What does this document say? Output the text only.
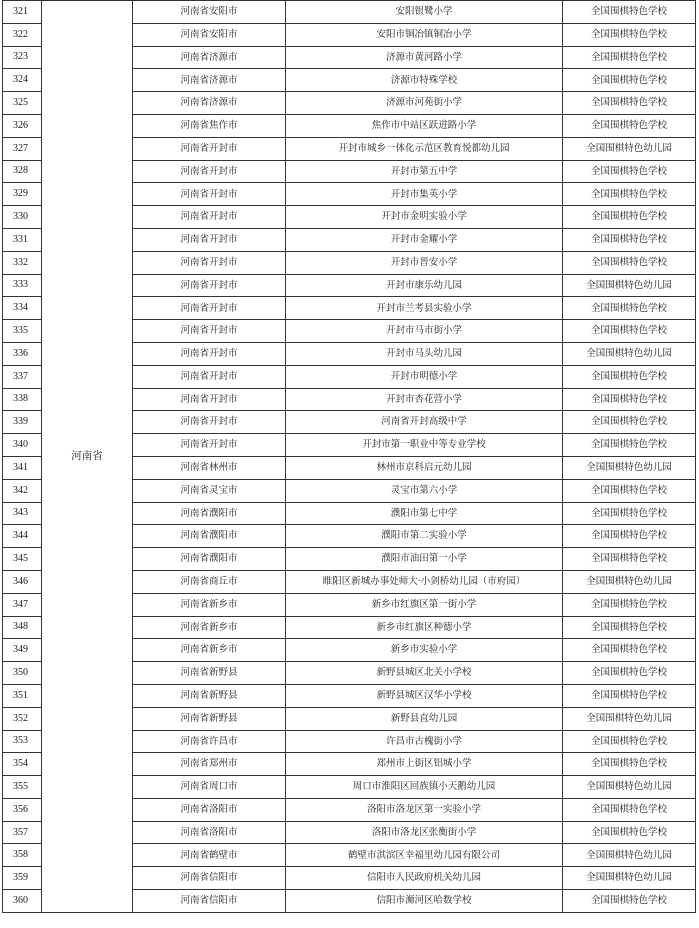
321	河南省	河南省安阳市	安阳银鹭小学	全国围棋特色学校
322		河南省安阳市	安阳市铜冶镇铜冶小学	全国围棋特色学校
323		河南省济源市	济源市黄河路小学	全国围棋特色学校
324		河南省济源市	济源市特殊学校	全国围棋特色学校
325		河南省济源市	济源市河苑街小学	全国围棋特色学校
326		河南省焦作市	焦作市中站区跃进路小学	全国围棋特色学校
327		河南省开封市	开封市城乡一体化示范区教育悦都幼儿园	全国围棋特色幼儿园
328		河南省开封市	开封市第五中学	全国围棋特色学校
329		河南省开封市	开封市集英小学	全国围棋特色学校
330		河南省开封市	开封市金明实验小学	全国围棋特色学校
331		河南省开封市	开封市金耀小学	全国围棋特色学校
332		河南省开封市	开封市晋安小学	全国围棋特色学校
333		河南省开封市	开封市康乐幼儿园	全国围棋特色幼儿园
334		河南省开封市	开封市兰考县实验小学	全国围棋特色学校
335		河南省开封市	开封市马市街小学	全国围棋特色学校
336		河南省开封市	开封市马头幼儿园	全国围棋特色幼儿园
337		河南省开封市	开封市明德小学	全国围棋特色学校
338		河南省开封市	开封市杏花营小学	全国围棋特色学校
339		河南省开封市	河南省开封高级中学	全国围棋特色学校
340		河南省开封市	开封市第一职业中等专业学校	全国围棋特色学校
341		河南省林州市	林州市京科启元幼儿园	全国围棋特色幼儿园
342		河南省灵宝市	灵宝市第六小学	全国围棋特色学校
343		河南省濮阳市	濮阳市第七中学	全国围棋特色学校
344		河南省濮阳市	濮阳市第二实验小学	全国围棋特色学校
345		河南省濮阳市	濮阳市油田第一小学	全国围棋特色学校
346		河南省商丘市	睢阳区新城办事处师大·小剑桥幼儿园（市府园）	全国围棋特色幼儿园
347		河南省新乡市	新乡市红旗区第一街小学	全国围棋特色学校
348		河南省新乡市	新乡市红旗区种德小学	全国围棋特色学校
349		河南省新乡市	新乡市实验小学	全国围棋特色学校
350		河南省新野县	新野县城区北关小学校	全国围棋特色学校
351		河南省新野县	新野县城区汉华小学校	全国围棋特色学校
352		河南省新野县	新野县直幼儿园	全国围棋特色幼儿园
353		河南省许昌市	许昌市古槐街小学	全国围棋特色学校
354		河南省郑州市	郑州市上街区铝城小学	全国围棋特色学校
355		河南省周口市	周口市淮阳区回族镇小天鹅幼儿园	全国围棋特色幼儿园
356		河南省洛阳市	洛阳市洛龙区第一实验小学	全国围棋特色学校
357		河南省洛阳市	洛阳市洛龙区张衡街小学	全国围棋特色学校
358		河南省鹤壁市	鹤壁市淇滨区幸福里幼儿园有限公司	全国围棋特色幼儿园
359		河南省信阳市	信阳市人民政府机关幼儿园	全国围棋特色幼儿园
360		河南省信阳市	信阳市浉河区哈数学校	全国围棋特色学校
